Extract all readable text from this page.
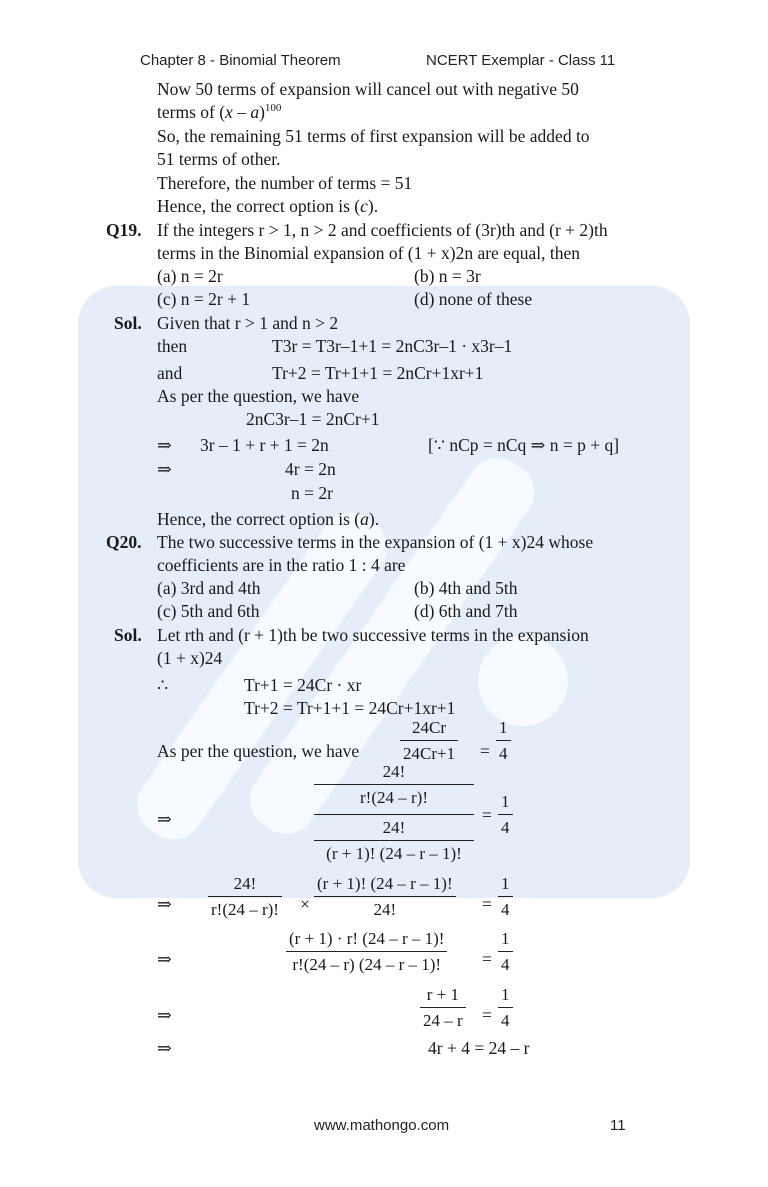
Chapter 8 - Binomial Theorem	NCERT Exemplar - Class 11
Now 50 terms of expansion will cancel out with negative 50
terms of (x – a)$^{100}$
So, the remaining 51 terms of first expansion will be added to
51 terms of other.
Therefore, the number of terms = 51
Hence, the correct option is (c).
Q19. If the integers r > 1, n > 2 and coefficients of (3r)th and (r + 2)th
terms in the Binomial expansion of (1 + x)2n are equal, then
(a) n = 2r	(b) n = 3r
(c) n = 2r + 1	(d) none of these
Sol. Given that r > 1 and n > 2
then	T3r = T3r–1+1 = 2nC3r–1 · x3r–1
and	Tr+2 = Tr+1+1 = 2nCr+1xr+1
As per the question, we have
2nC3r–1 = 2nCr+1
⇒ 3r – 1 + r + 1 = 2n	[∵ nCp = nCq ⇒ n = p + q]
⇒	4r = 2n
n = 2r
Hence, the correct option is (a).
Q20. The two successive terms in the expansion of (1 + x)24 whose
coefficients are in the ratio 1 : 4 are
(a) 3rd and 4th	(b) 4th and 5th
(c) 5th and 6th	(d) 6th and 7th
Sol. Let rth and (r + 1)th be two successive terms in the expansion
(1 + x)24
∴	Tr+1 = 24Cr · xr
Tr+2 = Tr+1+1 = 24Cr+1xr+1
As per the question, we have $\frac{24Cr}{24Cr+1} = \frac{1}{4}$
⇒
$\frac{24!}{r!(24 - r)!}$
$\frac{24!}{(r + 1)! (24 - r - 1)!}$
= $\frac{1}{4}$
⇒ $\frac{24!}{r!(24 - r)!} \times \frac{(r + 1)! (24 - r - 1)!}{24!} = \frac{1}{4}$
⇒	$\frac{(r + 1) \cdot r! (24 - r - 1)!}{r!(24 - r) (24 - r - 1)!} = \frac{1}{4}$
⇒	$\frac{r + 1}{24 - r} = \frac{1}{4}$
⇒	4r + 4 = 24 – r
www.mathongo.com	11
